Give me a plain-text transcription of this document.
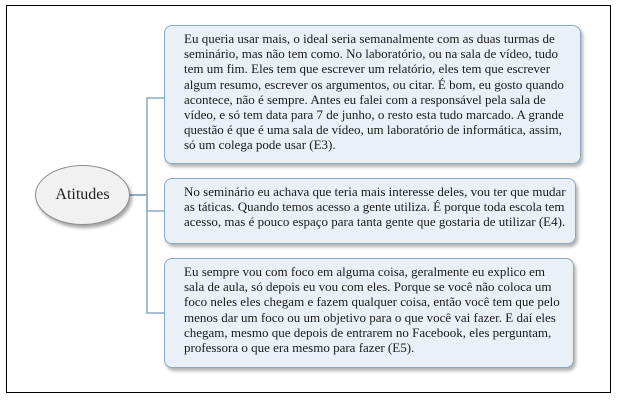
Atitudes

Eu queria usar mais, o ideal seria semanalmente com as duas turmas de seminário, mas não tem como. No laboratório, ou na sala de vídeo, tudo tem um fim. Eles tem que escrever um relatório, eles tem que escrever algum resumo, escrever os argumentos, ou citar. É bom, eu gosto quando acontece, não é sempre. Antes eu falei com a responsável pela sala de vídeo, e só tem data para 7 de junho, o resto esta tudo marcado. A grande questão é que é uma sala de vídeo, um laboratório de informática, assim, só um colega pode usar (E3).

No seminário eu achava que teria mais interesse deles, vou ter que mudar as táticas. Quando temos acesso a gente utiliza. É porque toda escola tem acesso, mas é pouco espaço para tanta gente que gostaria de utilizar (E4).

Eu sempre vou com foco em alguma coisa, geralmente eu explico em sala de aula, só depois eu vou com eles. Porque se você não coloca um foco neles eles chegam e fazem qualquer coisa, então você tem que pelo menos dar um foco ou um objetivo para o que você vai fazer. E daí eles chegam, mesmo que depois de entrarem no Facebook, eles perguntam, professora o que era mesmo para fazer (E5).
